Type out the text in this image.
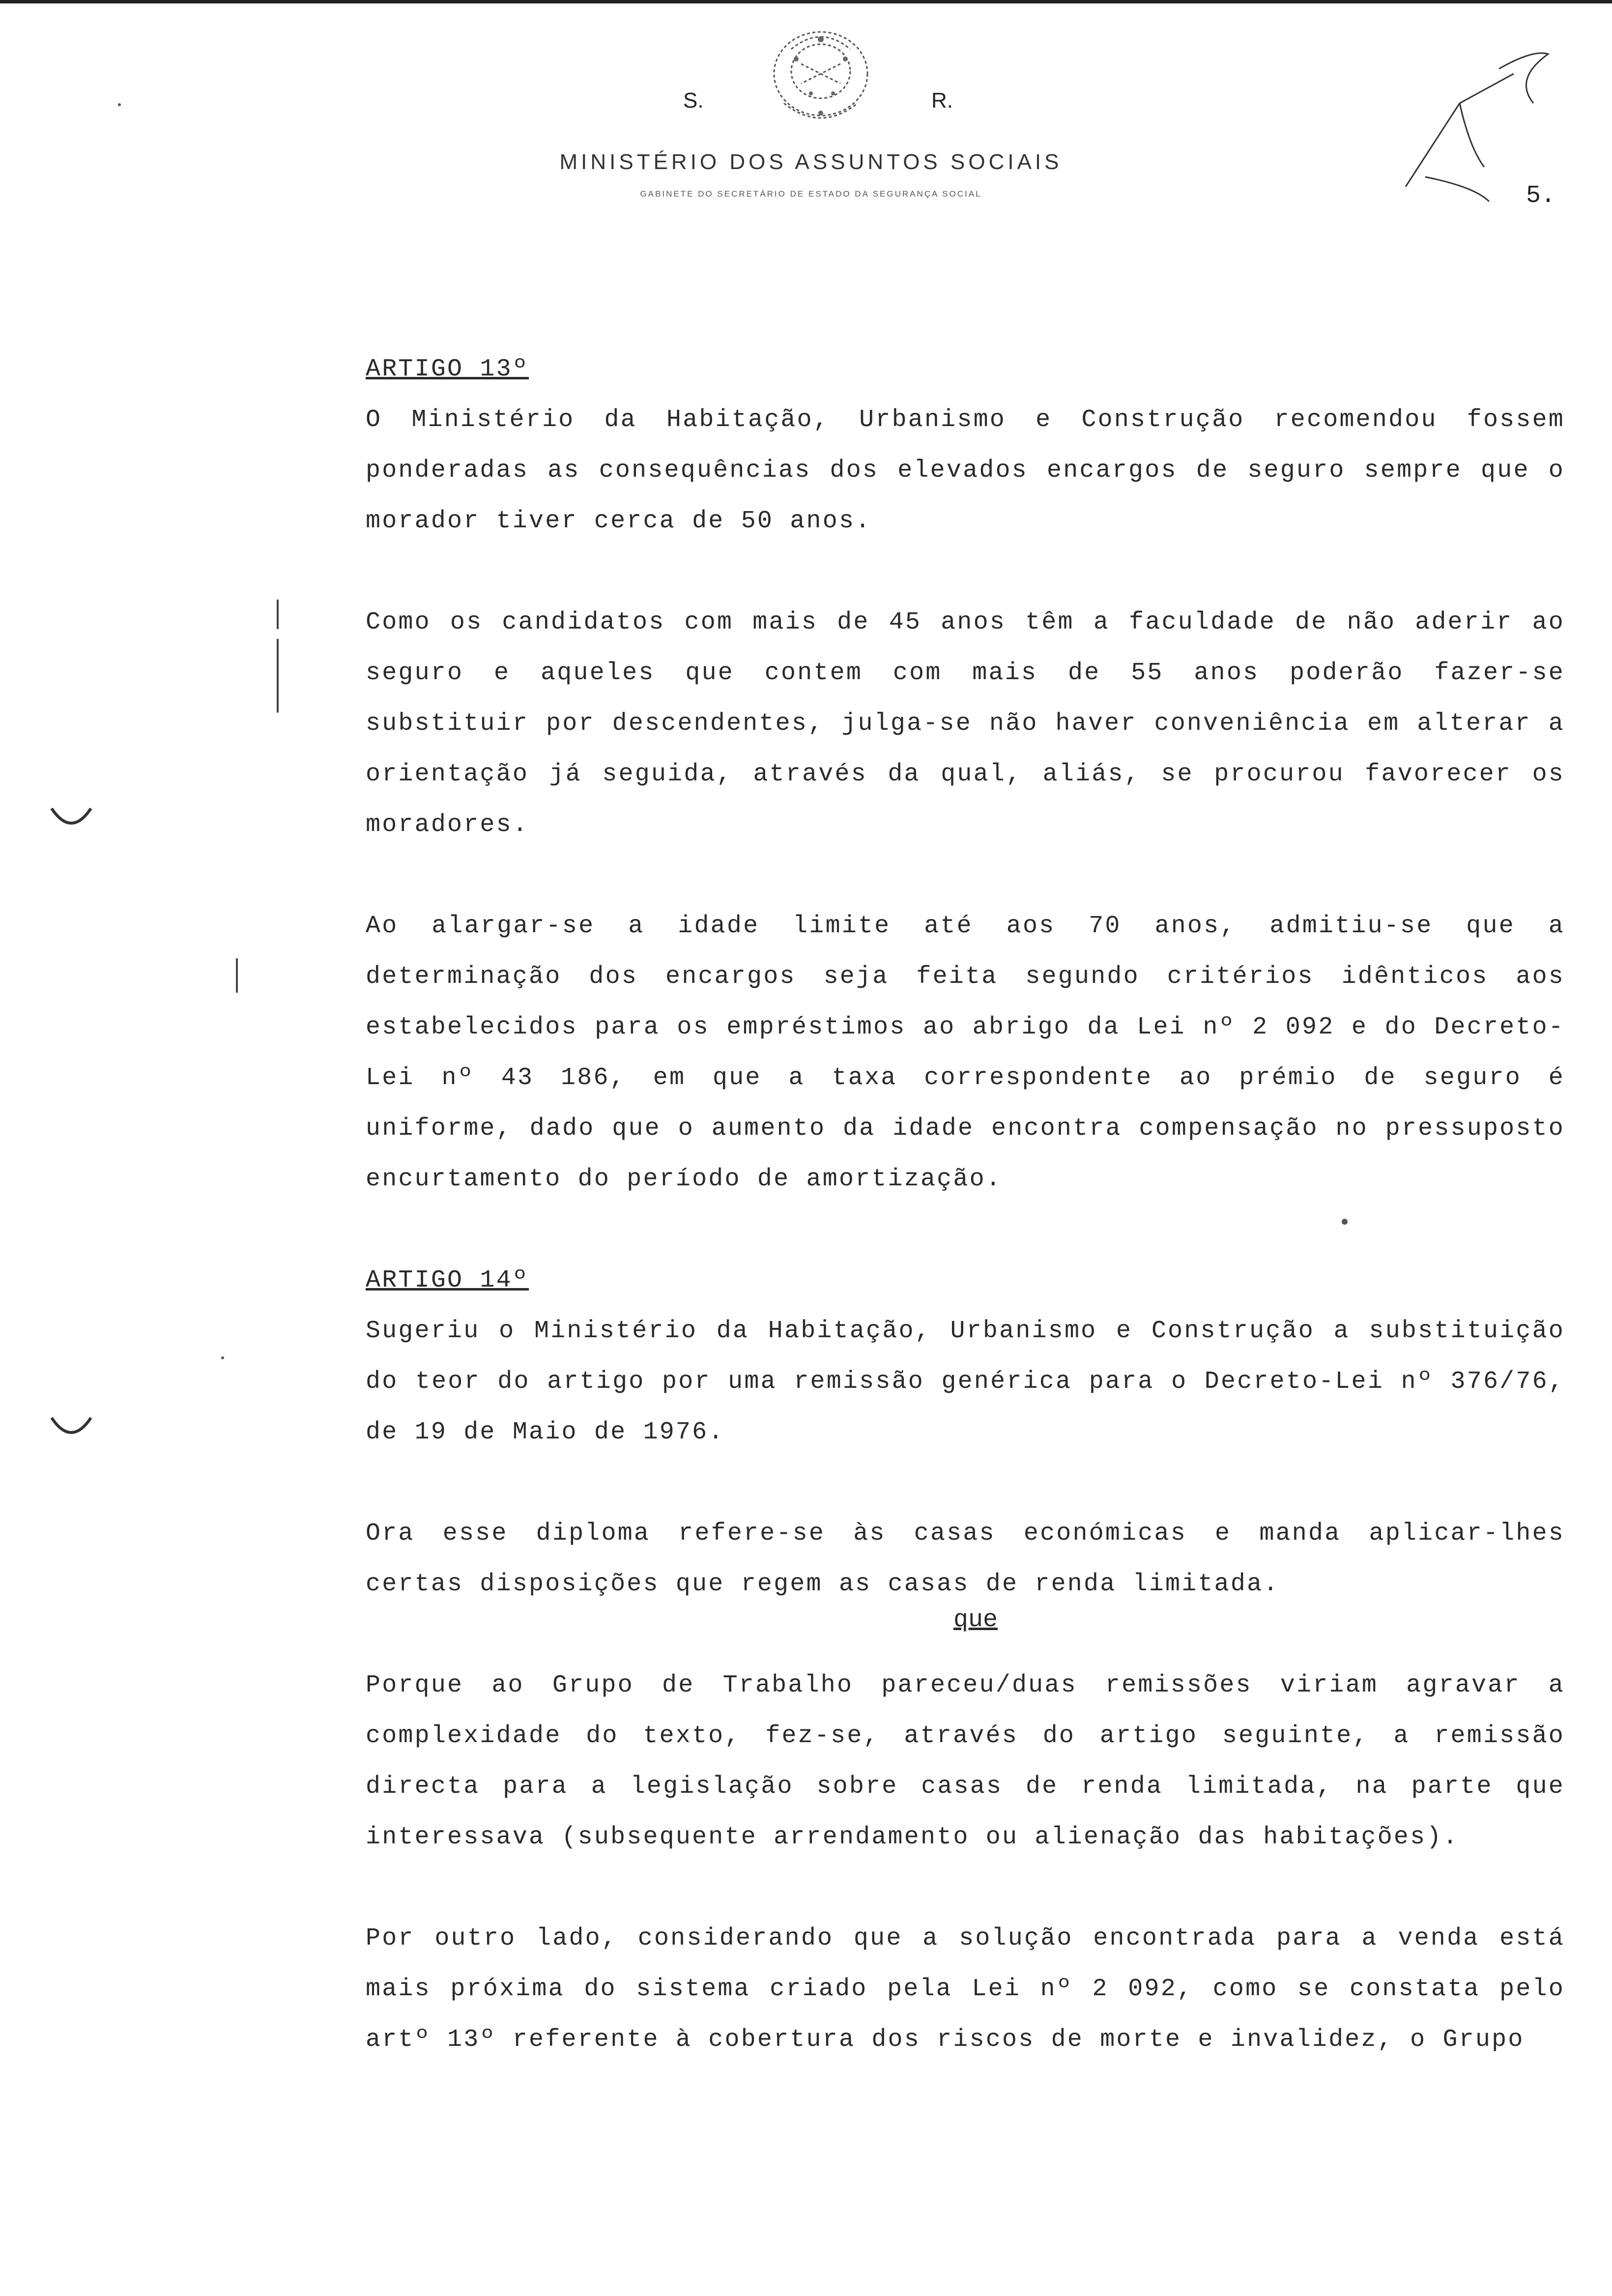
S.	R.
MINISTÉRIO DOS ASSUNTOS SOCIAIS
GABINETE DO SECRETÁRIO DE ESTADO DA SEGURANÇA SOCIAL	5.
ARTIGO 13º

O Ministério da Habitação, Urbanismo e Construção recomendou fossem ponderadas as consequências dos elevados encargos de seguro sempre que o morador tiver cerca de 50 anos.

Como os candidatos com mais de 45 anos têm a faculdade de não aderir ao seguro e aqueles que contem com mais de 55 anos poderão fazer-se substituir por descendentes, julga-se não haver conveniência em alterar a orientação já seguida, através da qual, aliás, se procurou favorecer os moradores.

Ao alargar-se a idade limite até aos 70 anos, admitiu-se que a determinação dos encargos seja feita segundo critérios idênticos aos estabelecidos para os empréstimos ao abrigo da Lei nº 2 092 e do Decreto-Lei nº 43 186, em que a taxa correspondente ao prémio de seguro é uniforme, dado que o aumento da idade encontra compensação no pressuposto encurtamento do período de amortização.

ARTIGO 14º

Sugeriu o Ministério da Habitação, Urbanismo e Construção a substituição do teor do artigo por uma remissão genérica para o Decreto-Lei nº 376/76, de 19 de Maio de 1976.

Ora esse diploma refere-se às casas económicas e manda aplicar-lhes certas disposições que regem as casas de renda limitada.

Porque ao Grupo de Trabalho pareceu/duas remissões viriam agravar a complexidade do texto, fez-se, através do artigo seguinte, a remissão directa para a legislação sobre casas de renda limitada, na parte que interessava (subsequente arrendamento ou alienação das habitações).

Por outro lado, considerando que a solução encontrada para a venda está mais próxima do sistema criado pela Lei nº 2 092, como se constata pelo artº 13º referente à cobertura dos riscos de morte e invalidez, o Grupo

que
